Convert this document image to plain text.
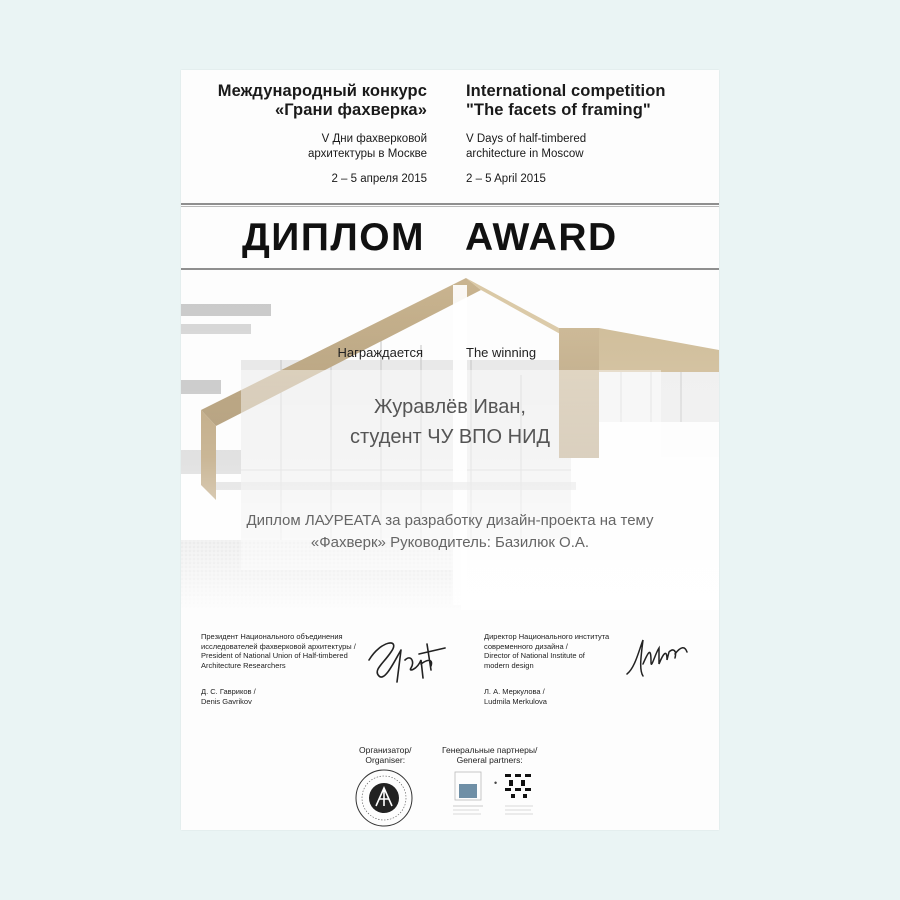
Международный конкурс
«Грани фахверка»
V Дни фахверковой
архитектуры в Москве
2 – 5 апреля 2015
International competition
"The facets of framing"
V Days of half-timbered
architecture in Moscow
2 – 5 April 2015
ДИПЛОМ AWARD
Награждается	The winning
Журавлёв Иван,
студент ЧУ ВПО НИД
Диплом ЛАУРЕАТА за разработку дизайн-проекта на тему
«Фахверк» Руководитель: Базилюк О.А.
Президент Национального объединения
исследователей фахверковой архитектуры /
President of National Union of Half-timbered
Architecture Researchers
Д. С. Гавриков /
Denis Gavrikov
Директор Национального института
современного дизайна /
Director of National Institute of
modern design
Л. А. Меркулова /
Ludmila Merkulova
Организатор/
Organiser:
Генеральные партнеры/
General partners:
•
